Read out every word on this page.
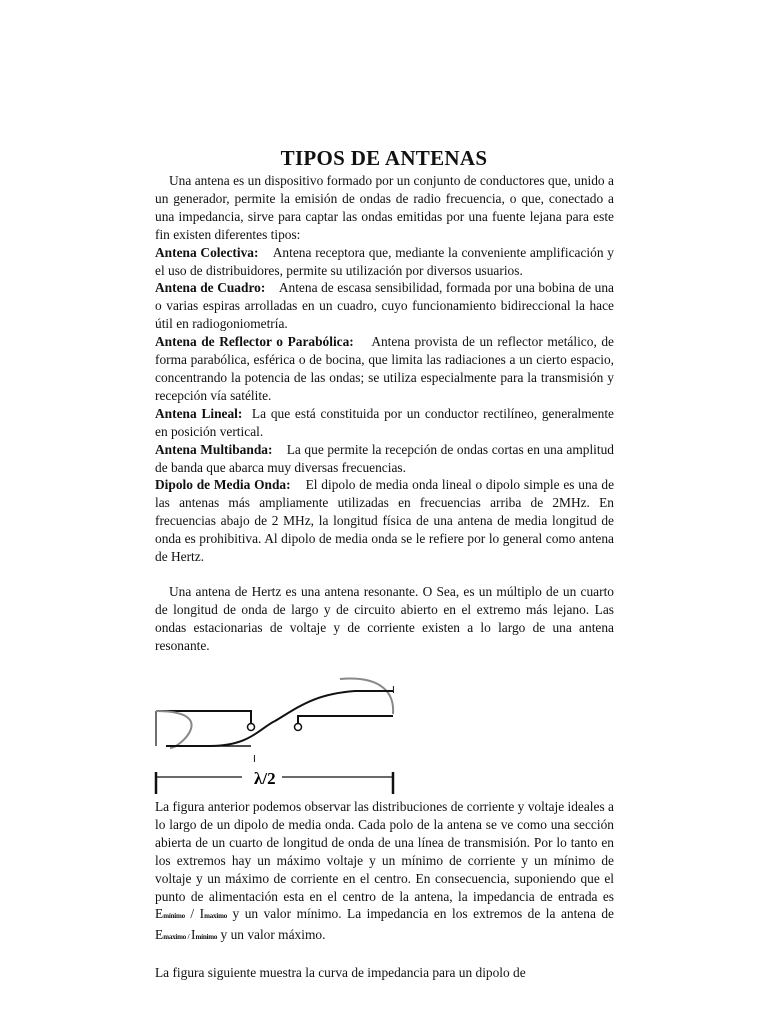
TIPOS DE ANTENAS

Una antena es un dispositivo formado por un conjunto de conductores que, unido a un generador, permite la emisión de ondas de radio frecuencia, o que, conectado a una impedancia, sirve para captar las ondas emitidas por una fuente lejana para este fin existen diferentes tipos:

Antena Colectiva: Antena receptora que, mediante la conveniente amplificación y el uso de distribuidores, permite su utilización por diversos usuarios.

Antena de Cuadro: Antena de escasa sensibilidad, formada por una bobina de una o varias espiras arrolladas en un cuadro, cuyo funcionamiento bidireccional la hace útil en radiogoniometría.

Antena de Reflector o Parabólica: Antena provista de un reflector metálico, de forma parabólica, esférica o de bocina, que limita las radiaciones a un cierto espacio, concentrando la potencia de las ondas; se utiliza especialmente para la transmisión y recepción vía satélite.

Antena Lineal: La que está constituida por un conductor rectilíneo, generalmente en posición vertical.

Antena Multibanda: La que permite la recepción de ondas cortas en una amplitud de banda que abarca muy diversas frecuencias.

Dipolo de Media Onda: El dipolo de media onda lineal o dipolo simple es una de las antenas más ampliamente utilizadas en frecuencias arriba de 2MHz. En frecuencias abajo de 2 MHz, la longitud física de una antena de media longitud de onda es prohibitiva. Al dipolo de media onda se le refiere por lo general como antena de Hertz.

Una antena de Hertz es una antena resonante. O Sea, es un múltiplo de un cuarto de longitud de onda de largo y de circuito abierto en el extremo más lejano. Las ondas estacionarias de voltaje y de corriente existen a lo largo de una antena resonante.

I
I
λ/2

La figura anterior podemos observar las distribuciones de corriente y voltaje ideales a lo largo de un dipolo de media onda. Cada polo de la antena se ve como una sección abierta de un cuarto de longitud de onda de una línea de transmisión. Por lo tanto en los extremos hay un máximo voltaje y un mínimo de corriente y un mínimo de voltaje y un máximo de corriente en el centro. En consecuencia, suponiendo que el punto de alimentación esta en el centro de la antena, la impedancia de entrada es Emínimo / Imaximo y un valor mínimo. La impedancia en los extremos de la antena de Emaximo / Imínimo y un valor máximo.

La figura siguiente muestra la curva de impedancia para un dipolo de
